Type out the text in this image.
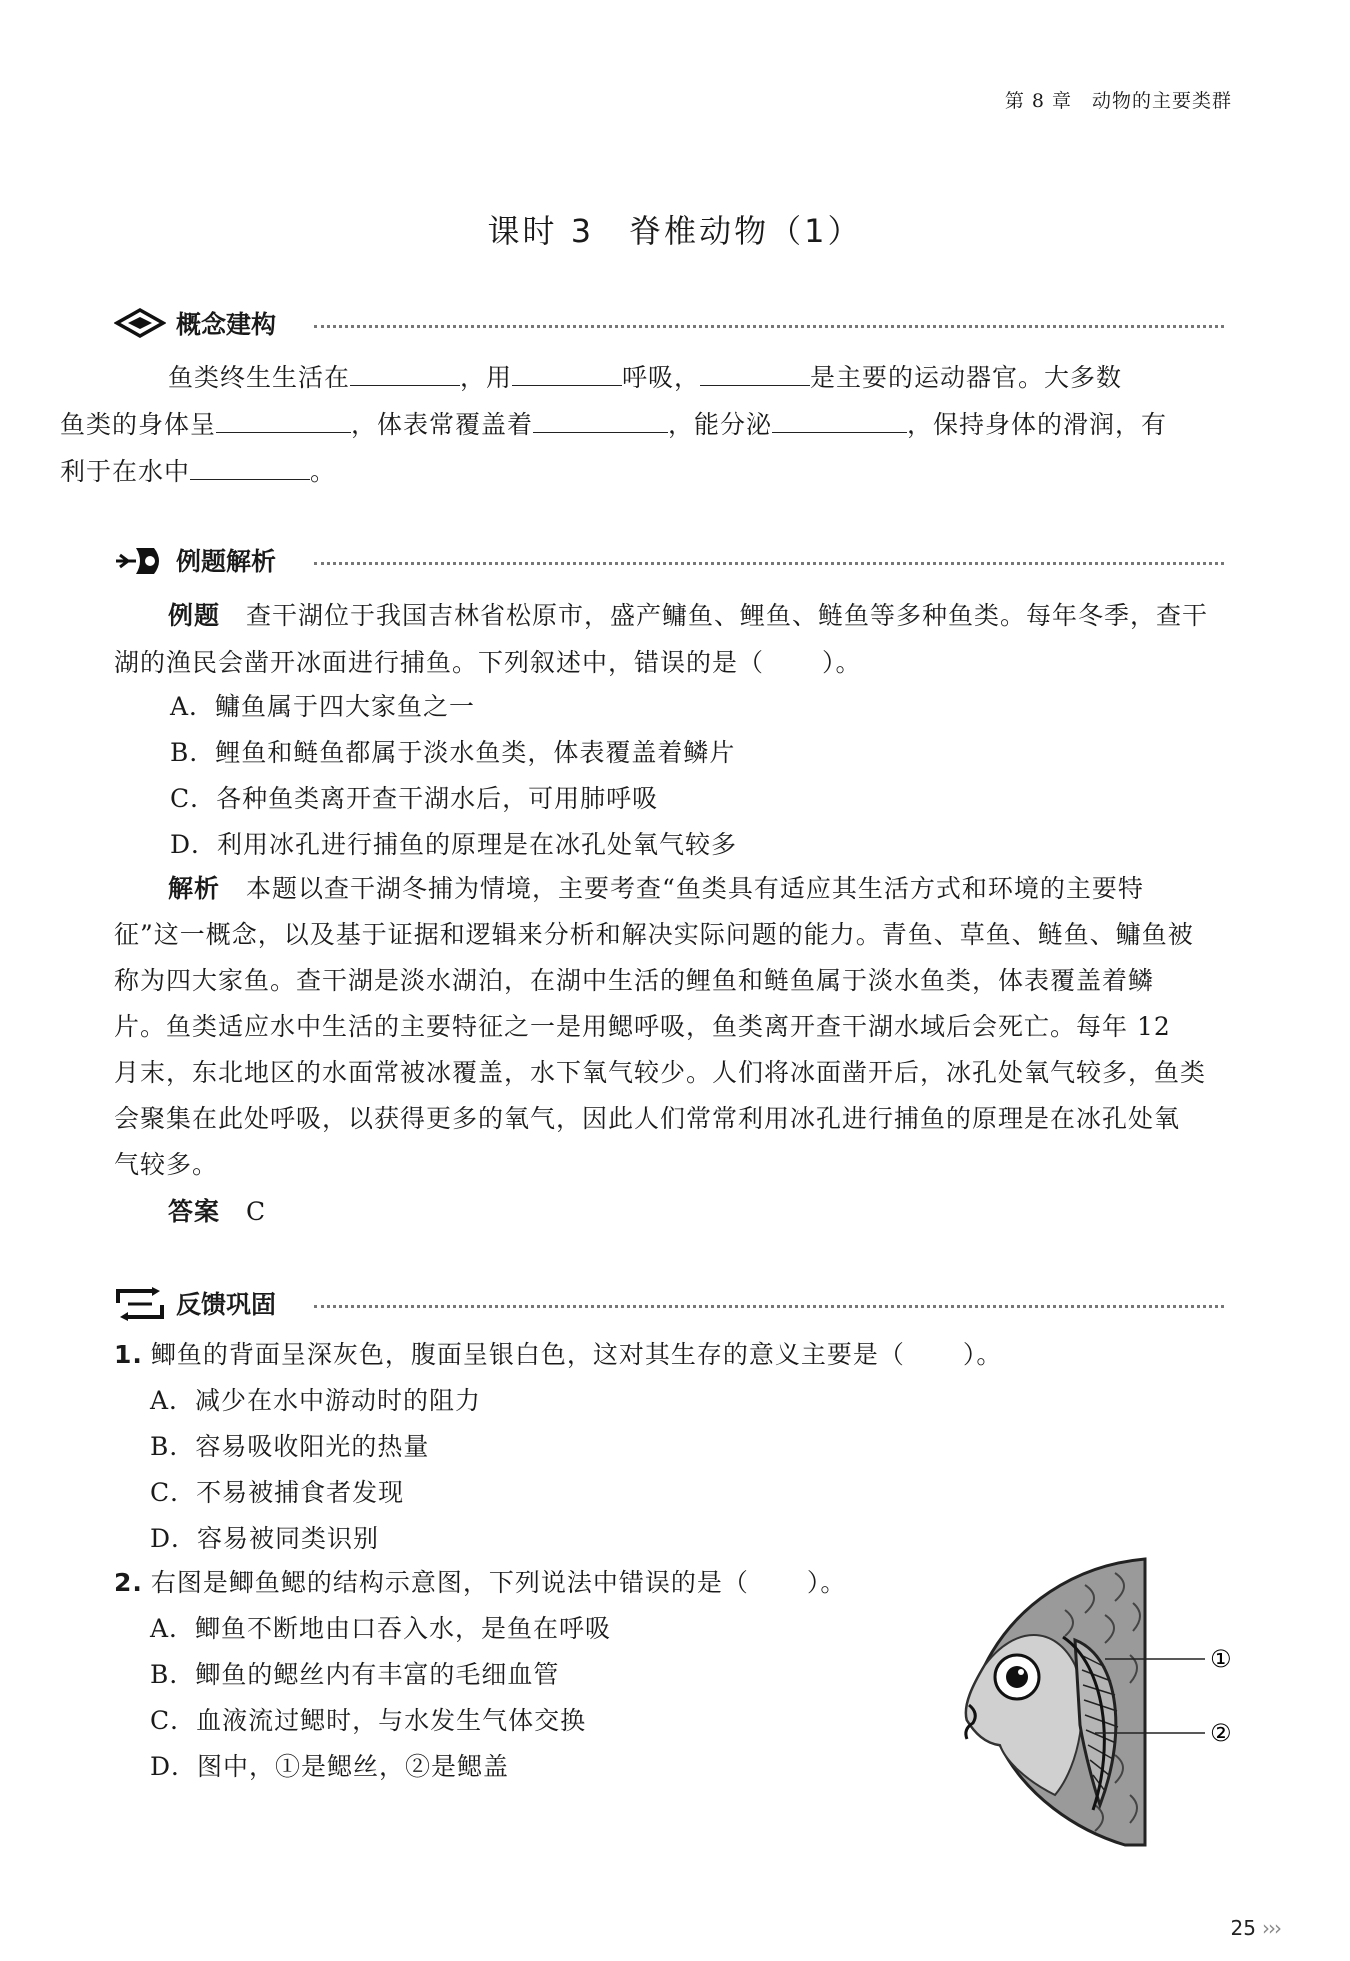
第 8 章　动物的主要类群
课时 3　脊椎动物（1）
概念建构
鱼类终生生活在	，用	呼吸，	是主要的运动器官。大多数
鱼类的身体呈	，体表常覆盖着	，能分泌	，保持身体的滑润，有
利于在水中	。
例题解析
例题　 查干湖位于我国吉林省松原市，盛产鳙鱼、鲤鱼、鲢鱼等多种鱼类。每年冬季，查干
湖的渔民会凿开冰面进行捕鱼。下列叙述中，错误的是（ ）。
A．鳙鱼属于四大家鱼之一
B．鲤鱼和鲢鱼都属于淡水鱼类，体表覆盖着鳞片
C．各种鱼类离开查干湖水后，可用肺呼吸
D．利用冰孔进行捕鱼的原理是在冰孔处氧气较多
解析　 本题以查干湖冬捕为情境，主要考查“鱼类具有适应其生活方式和环境的主要特
征”这一概念，以及基于证据和逻辑来分析和解决实际问题的能力。青鱼、草鱼、鲢鱼、鳙鱼被
称为四大家鱼。查干湖是淡水湖泊，在湖中生活的鲤鱼和鲢鱼属于淡水鱼类，体表覆盖着鳞
片。鱼类适应水中生活的主要特征之一是用鳃呼吸，鱼类离开查干湖水域后会死亡。每年 12
月末，东北地区的水面常被冰覆盖，水下氧气较少。人们将冰面凿开后，冰孔处氧气较多，鱼类
会聚集在此处呼吸，以获得更多的氧气，因此人们常常利用冰孔进行捕鱼的原理是在冰孔处氧
气较多。
答案　 C
反馈巩固
1. 鲫鱼的背面呈深灰色，腹面呈银白色，这对其生存的意义主要是（ ）。
A．减少在水中游动时的阻力
B．容易吸收阳光的热量
C．不易被捕食者发现
D．容易被同类识别
2. 右图是鲫鱼鳃的结构示意图，下列说法中错误的是（ ）。
A．鲫鱼不断地由口吞入水，是鱼在呼吸
B．鲫鱼的鳃丝内有丰富的毛细血管
C．血液流过鳃时，与水发生气体交换
D．图中，①是鳃丝，②是鳃盖
①
②
25 ›››
